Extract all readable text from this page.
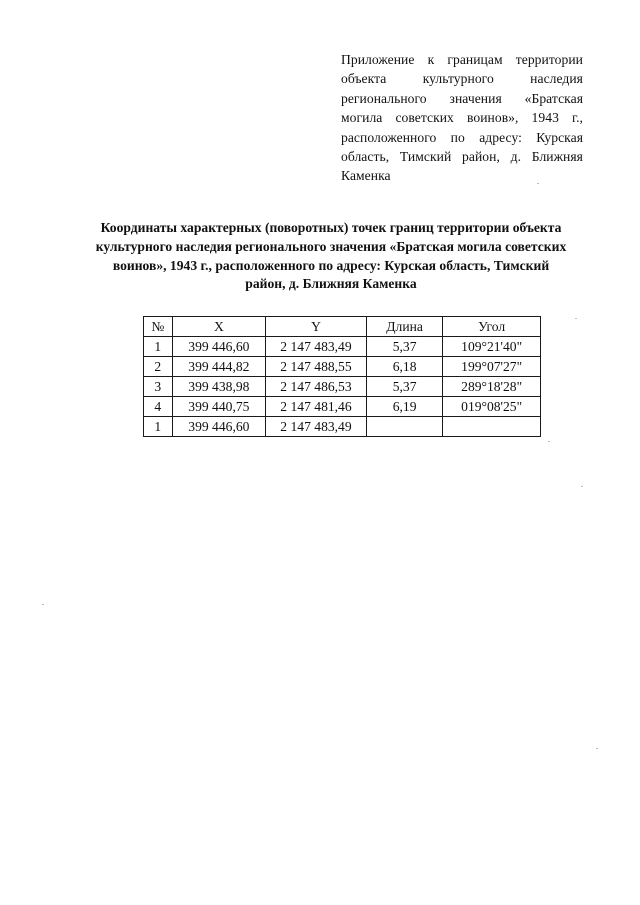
Приложение к границам территории объекта культурного наследия регионального значения «Братская могила советских воинов», 1943 г., расположенного по адресу: Курская область, Тимский район, д. Ближняя Каменка
Координаты характерных (поворотных) точек границ территории объекта культурного наследия регионального значения «Братская могила советских воинов», 1943 г., расположенного по адресу: Курская область, Тимский район, д. Ближняя Каменка
№	X	Y	Длина	Угол
1	399 446,60	2 147 483,49	5,37	109°21'40"
2	399 444,82	2 147 488,55	6,18	199°07'27"
3	399 438,98	2 147 486,53	5,37	289°18'28"
4	399 440,75	2 147 481,46	6,19	019°08'25"
1	399 446,60	2 147 483,49		
